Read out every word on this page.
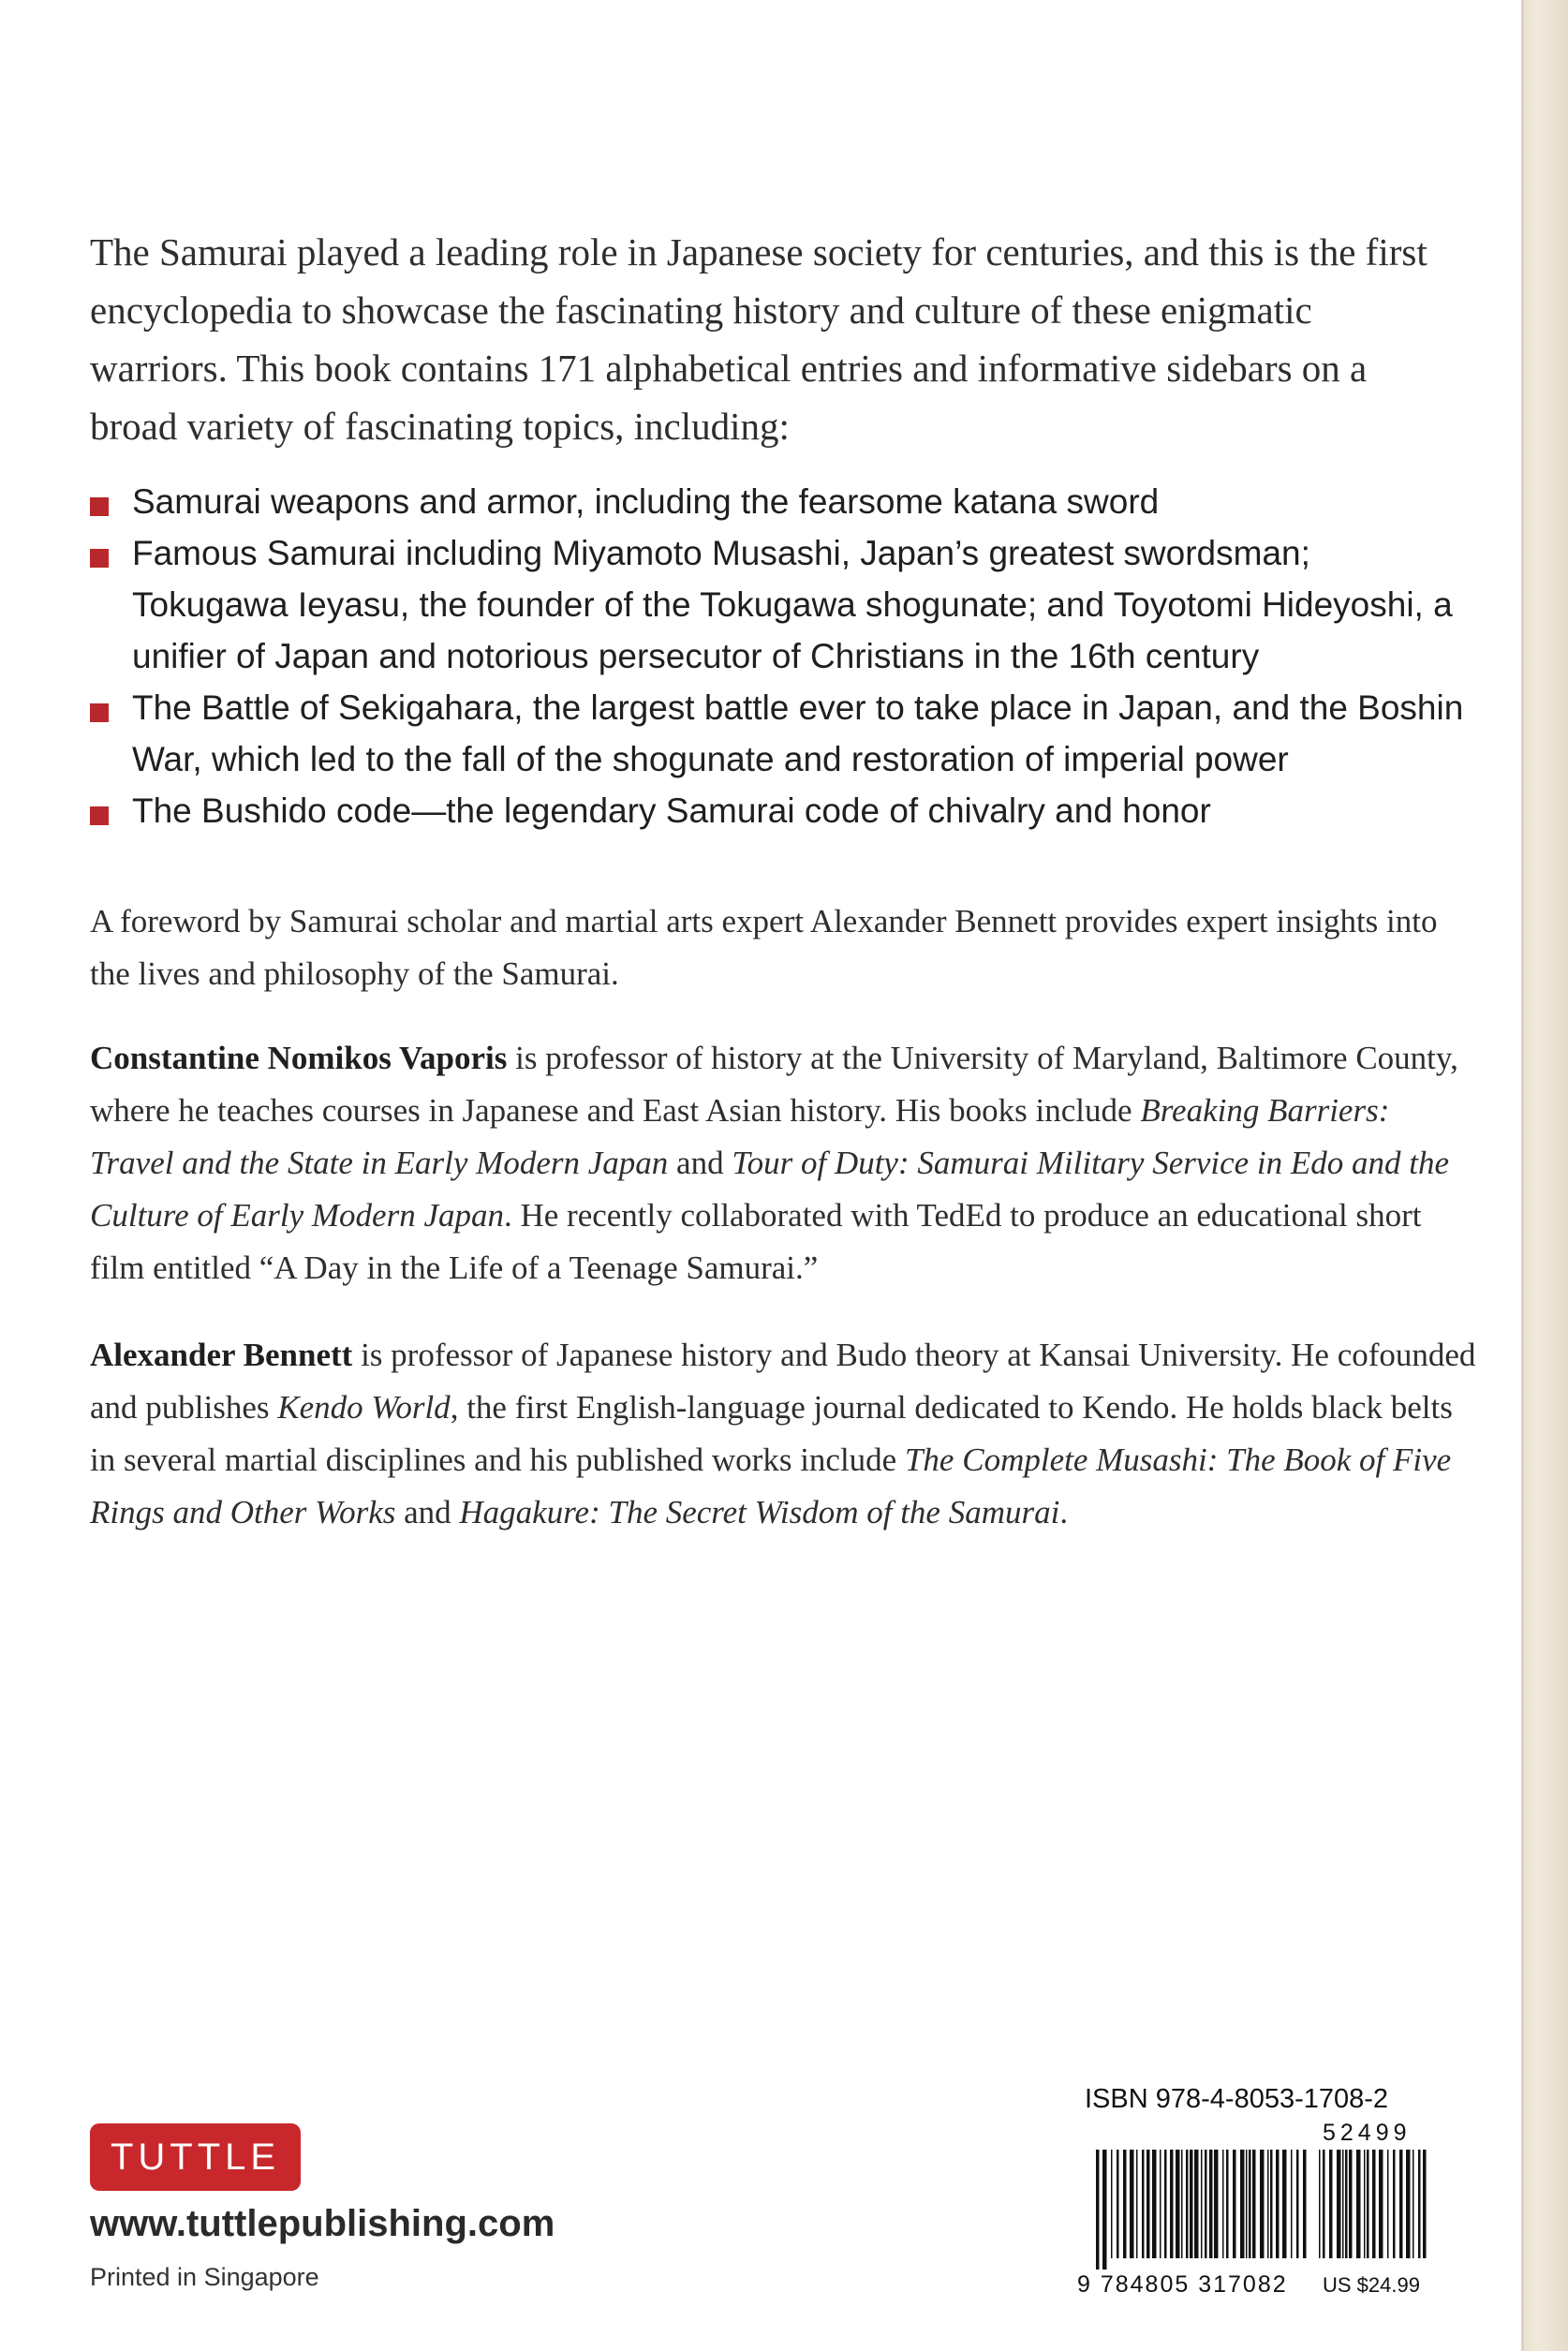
The Samurai played a leading role in Japanese society for centuries, and this is the first encyclopedia to showcase the fascinating history and culture of these enigmatic warriors. This book contains 171 alphabetical entries and informative sidebars on a broad variety of fascinating topics, including:

Samurai weapons and armor, including the fearsome katana sword
Famous Samurai including Miyamoto Musashi, Japan’s greatest swordsman; Tokugawa Ieyasu, the founder of the Tokugawa shogunate; and Toyotomi Hideyoshi, a unifier of Japan and notorious persecutor of Christians in the 16th century
The Battle of Sekigahara, the largest battle ever to take place in Japan, and the Boshin War, which led to the fall of the shogunate and restoration of imperial power
The Bushido code—the legendary Samurai code of chivalry and honor

A foreword by Samurai scholar and martial arts expert Alexander Bennett provides expert insights into the lives and philosophy of the Samurai.

Constantine Nomikos Vaporis is professor of history at the University of Maryland, Baltimore County, where he teaches courses in Japanese and East Asian history. His books include Breaking Barriers: Travel and the State in Early Modern Japan and Tour of Duty: Samurai Military Service in Edo and the Culture of Early Modern Japan. He recently collaborated with TedEd to produce an educational short film entitled “A Day in the Life of a Teenage Samurai.”

Alexander Bennett is professor of Japanese history and Budo theory at Kansai University. He cofounded and publishes Kendo World, the first English-language journal dedicated to Kendo. He holds black belts in several martial disciplines and his published works include The Complete Musashi: The Book of Five Rings and Other Works and Hagakure: The Secret Wisdom of the Samurai.

TUTTLE
www.tuttlepublishing.com
Printed in Singapore
ISBN 978-4-8053-1708-2
52499
9 784805 317082 US $24.99
